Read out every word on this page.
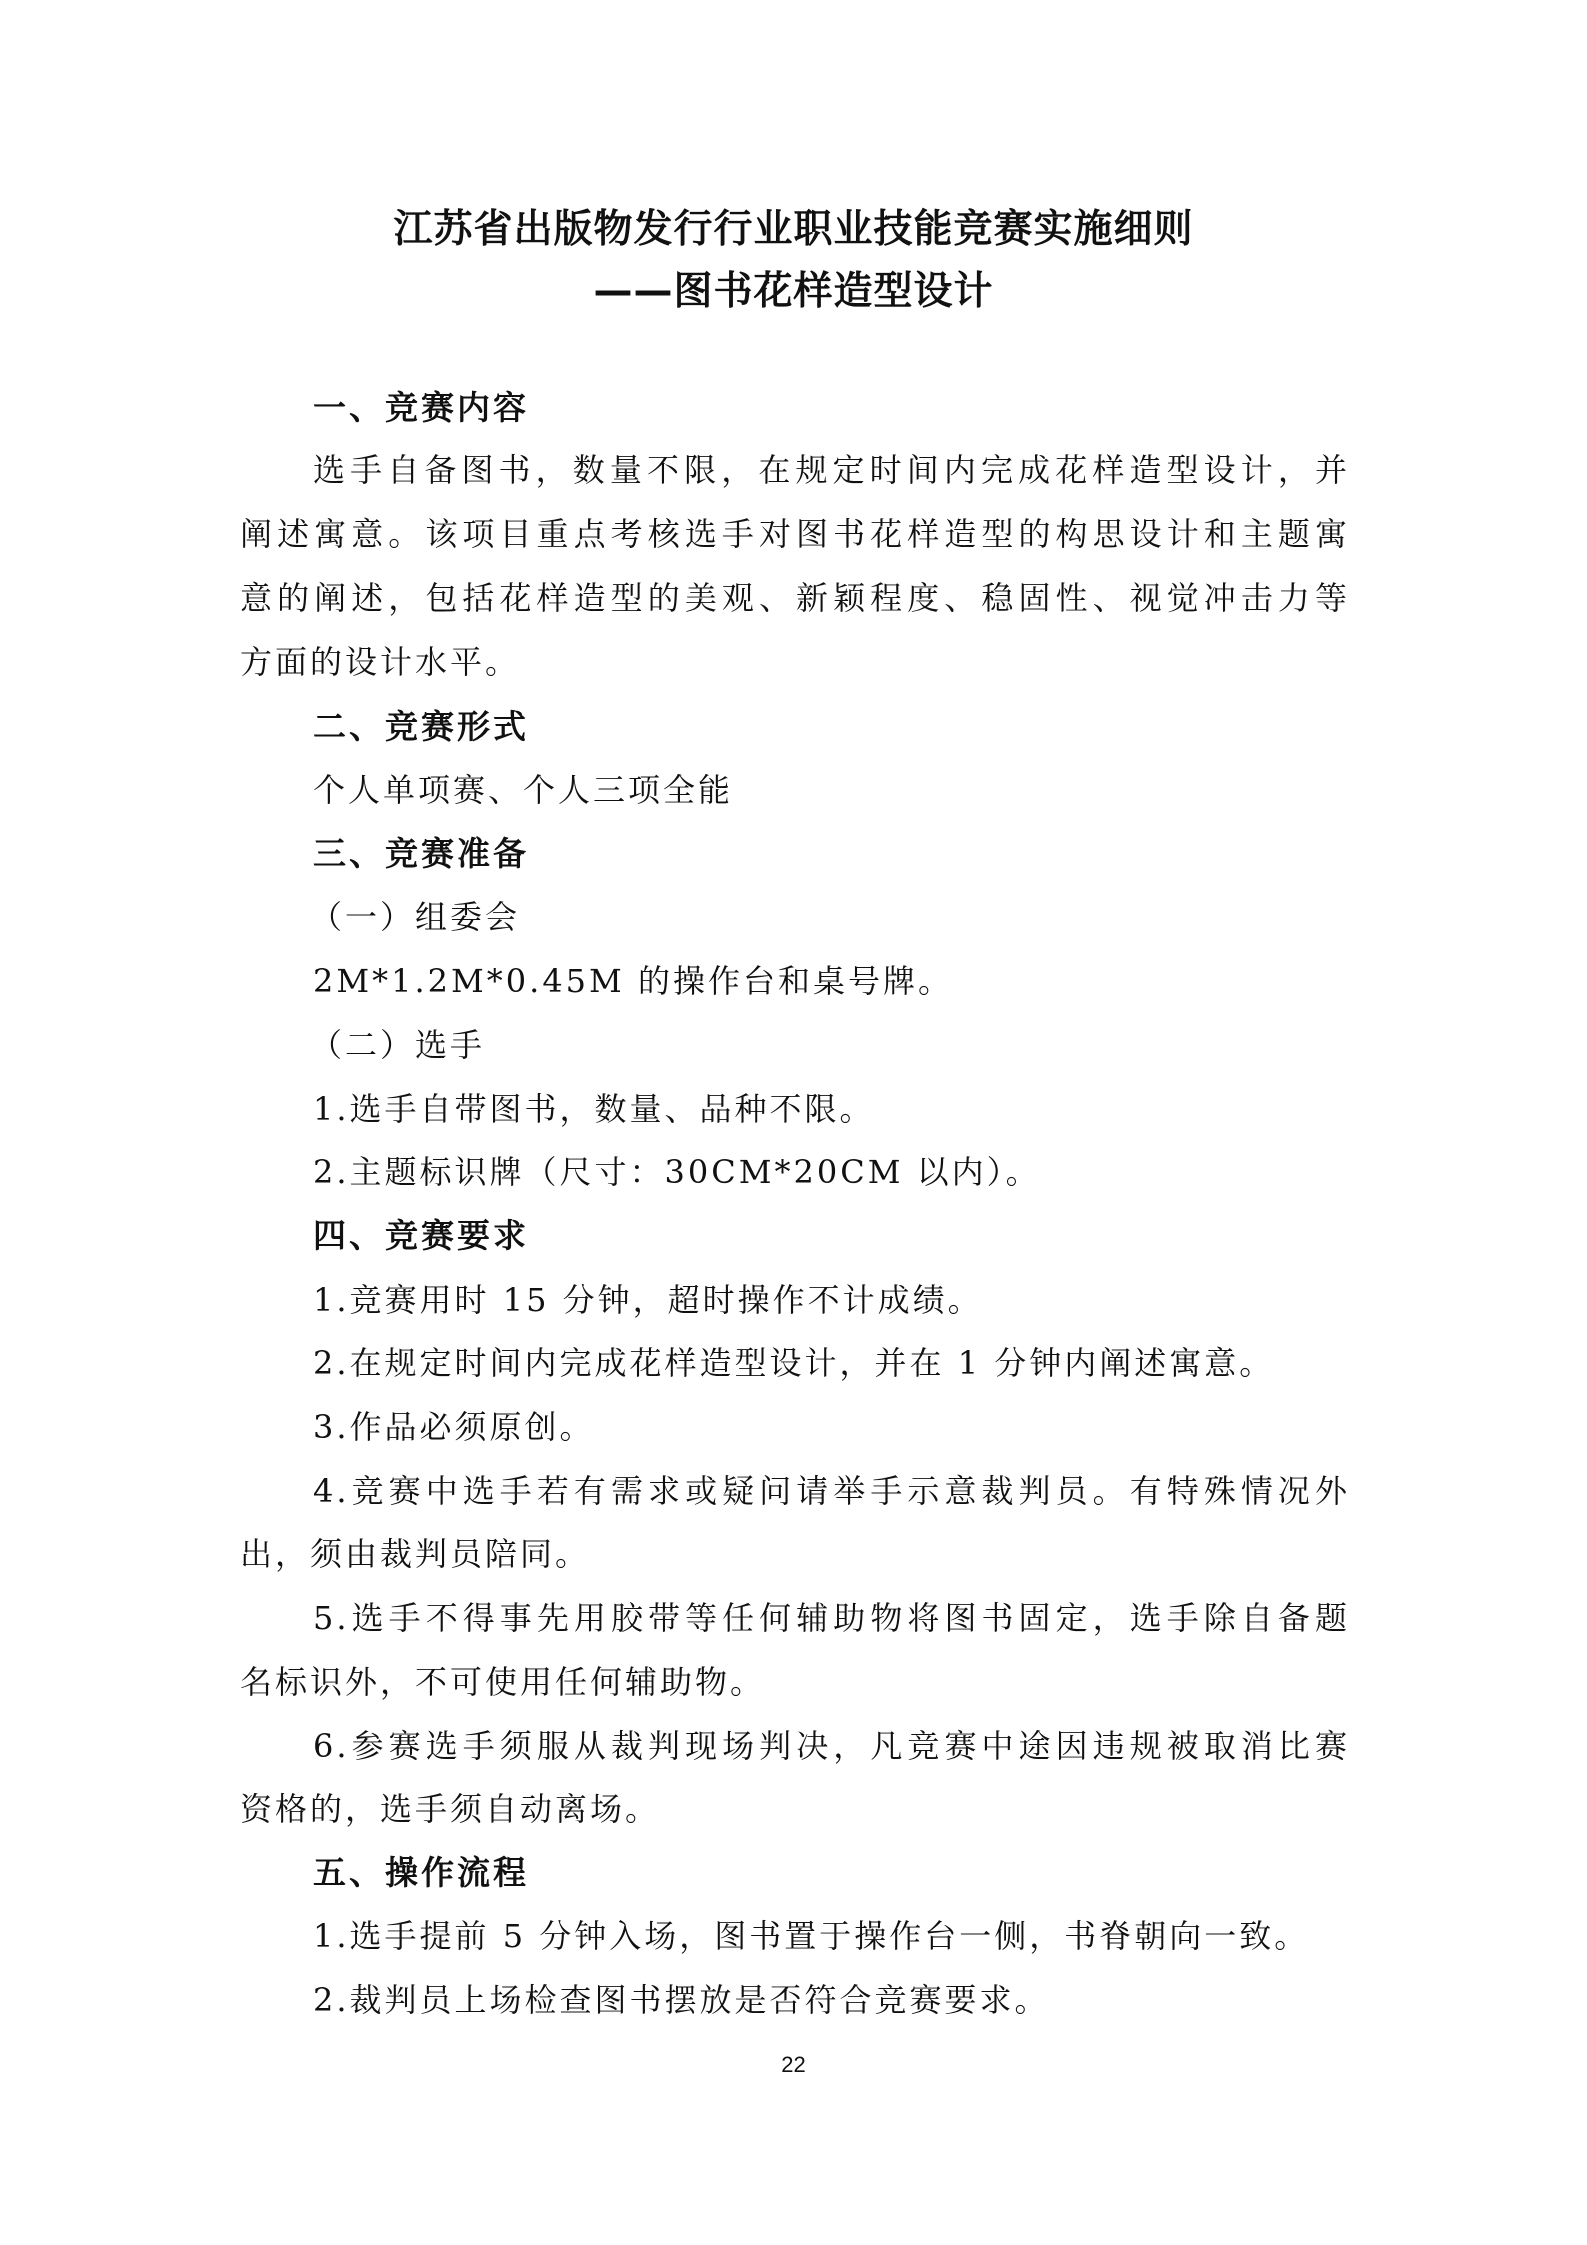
江苏省出版物发行行业职业技能竞赛实施细则
——图书花样造型设计
一、竞赛内容
选手自备图书，数量不限，在规定时间内完成花样造型设计，并
阐述寓意。该项目重点考核选手对图书花样造型的构思设计和主题寓
意的阐述，包括花样造型的美观、新颖程度、稳固性、视觉冲击力等
方面的设计水平。
二、竞赛形式
个人单项赛、个人三项全能
三、竞赛准备
（一）组委会
2M*1.2M*0.45M 的操作台和桌号牌。
（二）选手
1.选手自带图书，数量、品种不限。
2.主题标识牌（尺寸：30CM*20CM 以内）。
四、竞赛要求
1.竞赛用时 15 分钟，超时操作不计成绩。
2.在规定时间内完成花样造型设计，并在 1 分钟内阐述寓意。
3.作品必须原创。
4.竞赛中选手若有需求或疑问请举手示意裁判员。有特殊情况外
出，须由裁判员陪同。
5.选手不得事先用胶带等任何辅助物将图书固定，选手除自备题
名标识外，不可使用任何辅助物。
6.参赛选手须服从裁判现场判决，凡竞赛中途因违规被取消比赛
资格的，选手须自动离场。
五、操作流程
1.选手提前 5 分钟入场，图书置于操作台一侧，书脊朝向一致。
2.裁判员上场检查图书摆放是否符合竞赛要求。
22
